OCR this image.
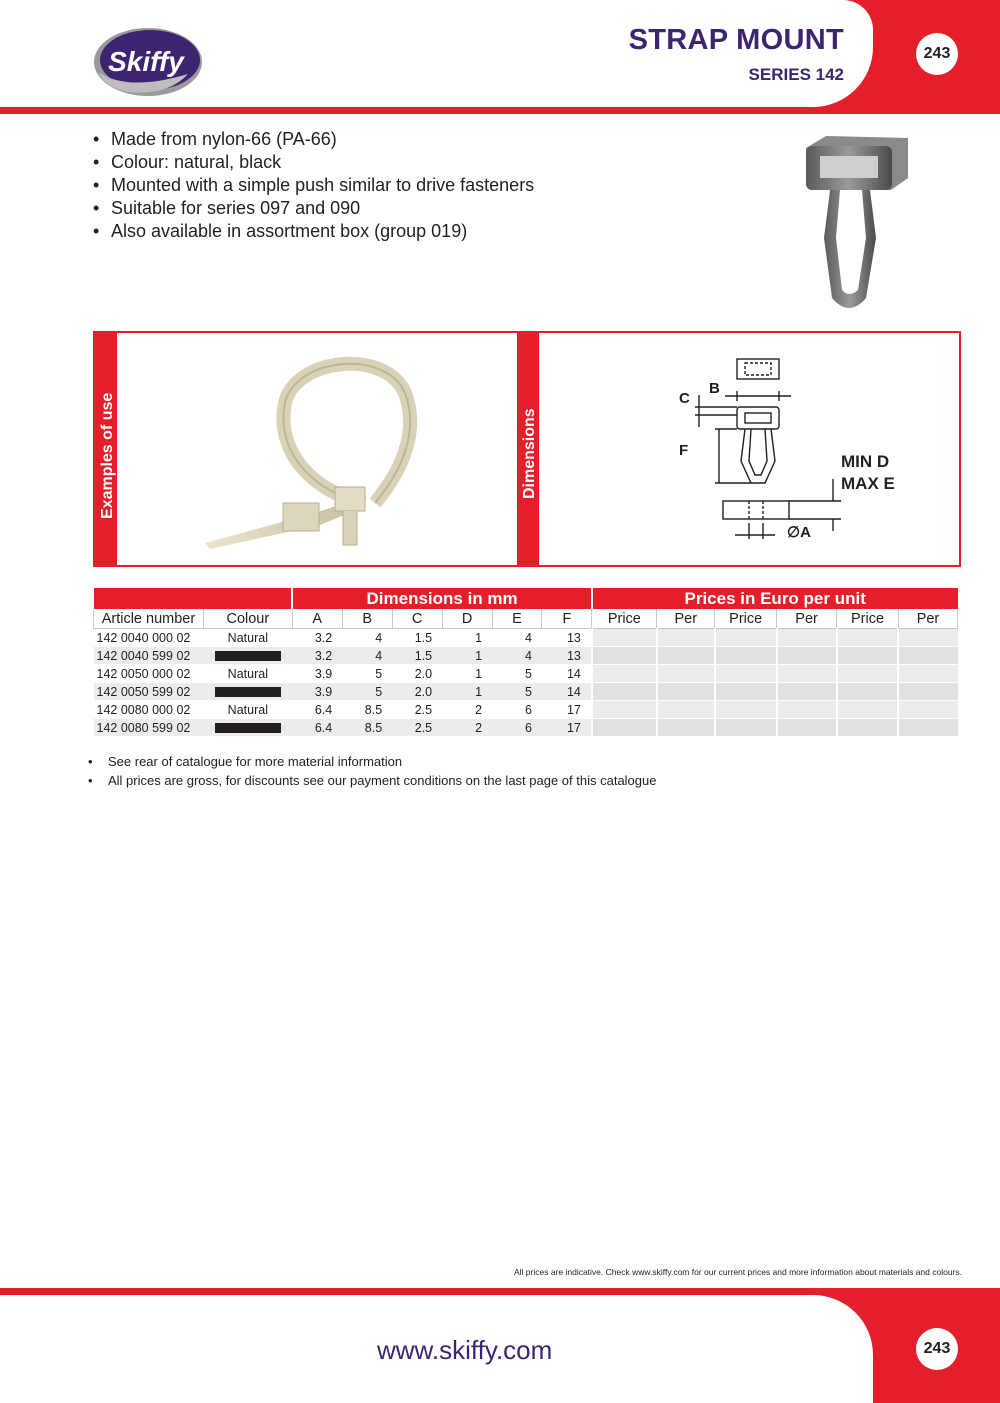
Skiffy
STRAP MOUNT
SERIES 142
243
• Made from nylon-66 (PA-66)
• Colour: natural, black
• Mounted with a simple push similar to drive fasteners
• Suitable for series 097 and 090
• Also available in assortment box (group 019)
Examples of use	Dimensions
B
C
F
MIN D
MAX E
∅A
		Dimensions in mm						Prices in Euro per unit					
Article number	Colour	A	B	C	D	E	F	Price	Per	Price	Per	Price	Per
142 0040 000 02	Natural	3.2	4	1.5	1	4	13						
142 0040 599 02		3.2	4	1.5	1	4	13						
142 0050 000 02	Natural	3.9	5	2.0	1	5	14						
142 0050 599 02		3.9	5	2.0	1	5	14						
142 0080 000 02	Natural	6.4	8.5	2.5	2	6	17						
142 0080 599 02		6.4	8.5	2.5	2	6	17						
• See rear of catalogue for more material information
• All prices are gross, for discounts see our payment conditions on the last page of this catalogue
All prices are indicative. Check www.skiffy.com for our current prices and more information about materials and colours.
www.skiffy.com	243
